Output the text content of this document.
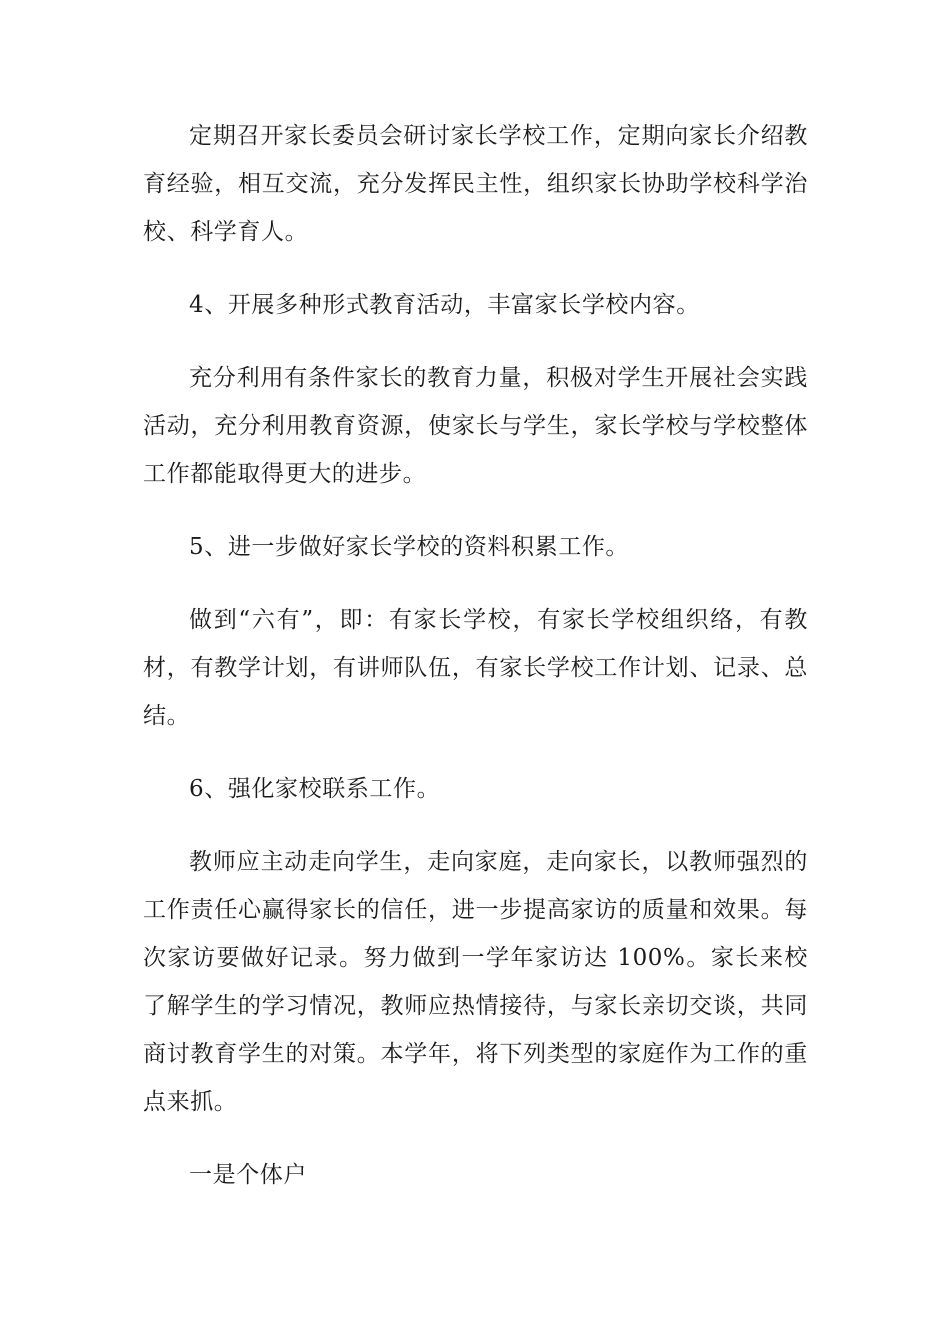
定期召开家长委员会研讨家长学校工作，定期向家长介绍教育经验，相互交流，充分发挥民主性，组织家长协助学校科学治校、科学育人。

4、开展多种形式教育活动，丰富家长学校内容。

充分利用有条件家长的教育力量，积极对学生开展社会实践活动，充分利用教育资源，使家长与学生，家长学校与学校整体工作都能取得更大的进步。

5、进一步做好家长学校的资料积累工作。

做到“六有”，即：有家长学校，有家长学校组织络，有教材，有教学计划，有讲师队伍，有家长学校工作计划、记录、总结。

6、强化家校联系工作。

教师应主动走向学生，走向家庭，走向家长，以教师强烈的工作责任心赢得家长的信任，进一步提高家访的质量和效果。每次家访要做好记录。努力做到一学年家访达 100%。家长来校了解学生的学习情况，教师应热情接待，与家长亲切交谈，共同商讨教育学生的对策。本学年，将下列类型的家庭作为工作的重点来抓。

一是个体户
